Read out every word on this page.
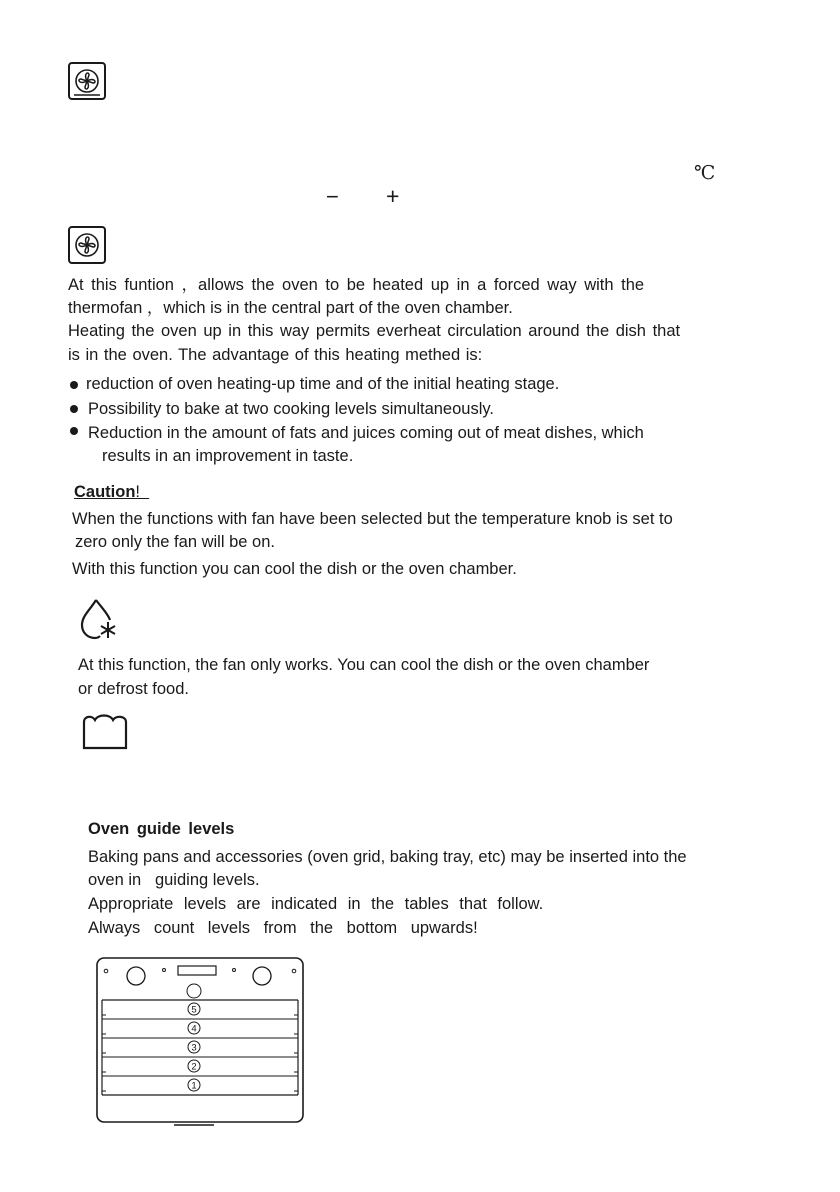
℃
− +
At this funtion ，allows the oven to be heated up in a forced way with the
thermofan ，which is in the central part of the oven chamber.
Heating the oven up in this way permits everheat circulation around the dish that
is in the oven. The advantage of this heating methed is:
reduction of oven heating-up time and of the initial heating stage.
Possibility to bake at two cooking levels simultaneously.
Reduction in the amount of fats and juices coming out of meat dishes, which
results in an improvement in taste.
Caution!
When the functions with fan have been selected but the temperature knob is set to
zero only the fan will be on.
With this function you can cool the dish or the oven chamber.
At this function, the fan only works. You can cool the dish or the oven chamber
or defrost food.
Oven guide levels
Baking pans and accessories (oven grid, baking tray, etc) may be inserted into the
oven in   guiding levels.
Appropriate levels are indicated in the tables that follow.
Always count levels from the bottom upwards!
5
4
3
2
1
